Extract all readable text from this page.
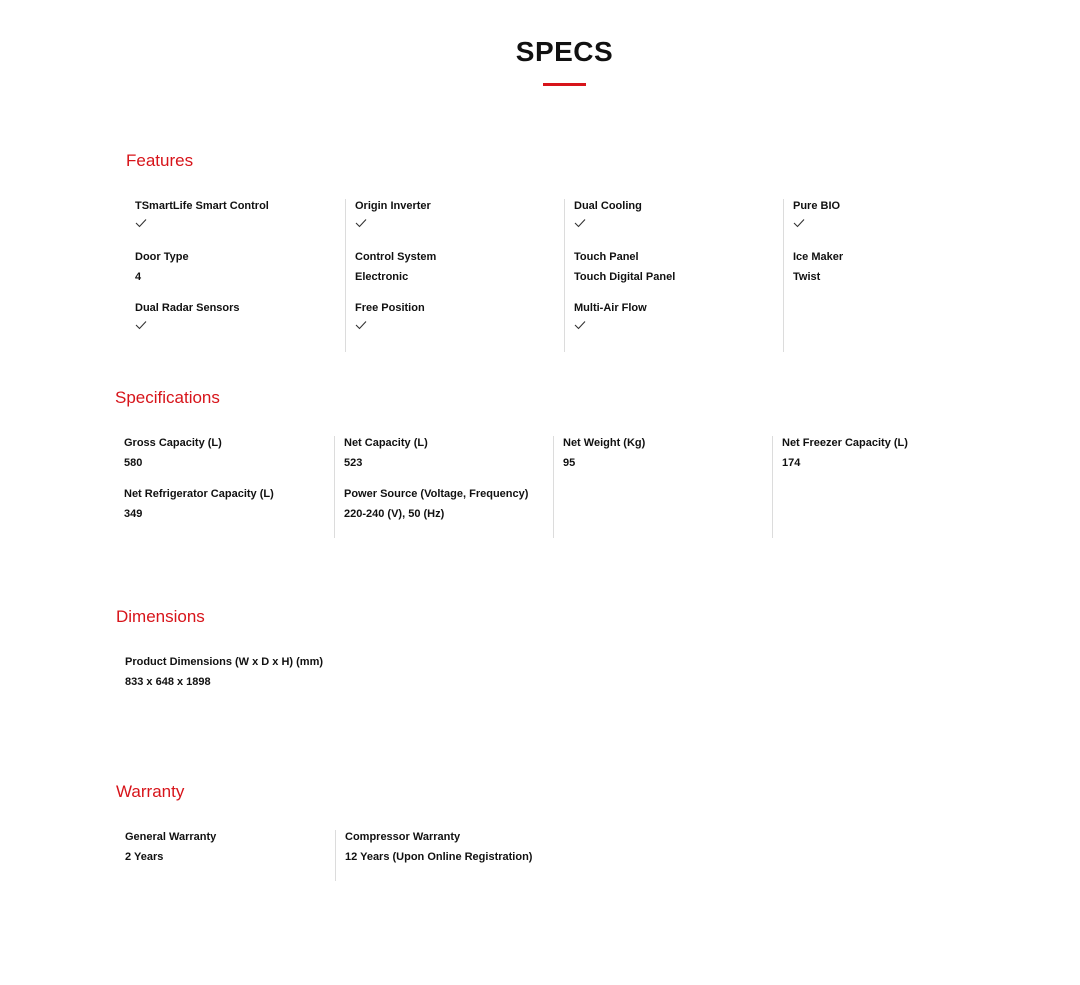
SPECS
Features
TSmartLife Smart Control
Door Type
4
Dual Radar Sensors
Origin Inverter
Control System
Electronic
Free Position
Dual Cooling
Touch Panel
Touch Digital Panel
Multi-Air Flow
Pure BIO
Ice Maker
Twist
Specifications
Gross Capacity (L)
580
Net Refrigerator Capacity (L)
349
Net Capacity (L)
523
Power Source (Voltage, Frequency)
220-240 (V), 50 (Hz)
Net Weight (Kg)
95
Net Freezer Capacity (L)
174
Dimensions
Product Dimensions (W x D x H) (mm)
833 x 648 x 1898
Warranty
General Warranty
2 Years
Compressor Warranty
12 Years (Upon Online Registration)
